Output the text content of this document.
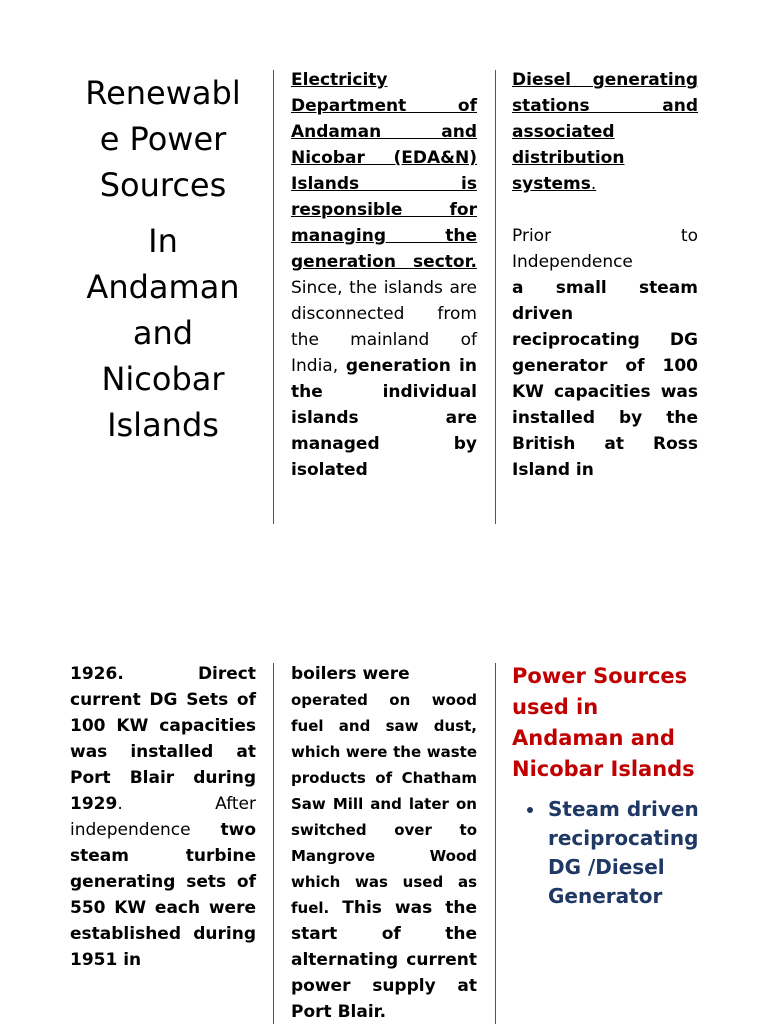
Renewabl
e Power
Sources
In
Andaman
and
Nicobar
Islands

Electricity Department of Andaman and Nicobar (EDA&N) Islands is responsible for managing the generation sector. Since, the islands are disconnected from the mainland of India, generation in the individual islands are managed by isolated

Diesel generating stations and associated distribution systems.

Prior to Independence

a small steam driven reciprocating DG generator of 100 KW capacities was installed by the British at Ross Island in

1926. Direct current DG Sets of 100 KW capacities was installed at Port Blair during 1929. After independence two steam turbine generating sets of 550 KW each were established during 1951 in

boilers were

operated on wood fuel and saw dust, which were the waste products of Chatham Saw Mill and later on switched over to Mangrove Wood which was used as fuel. This was the start of the alternating current power supply at Port Blair.

Power Sources used in Andaman and Nicobar Islands
• Steam driven reciprocating DG /Diesel Generator
